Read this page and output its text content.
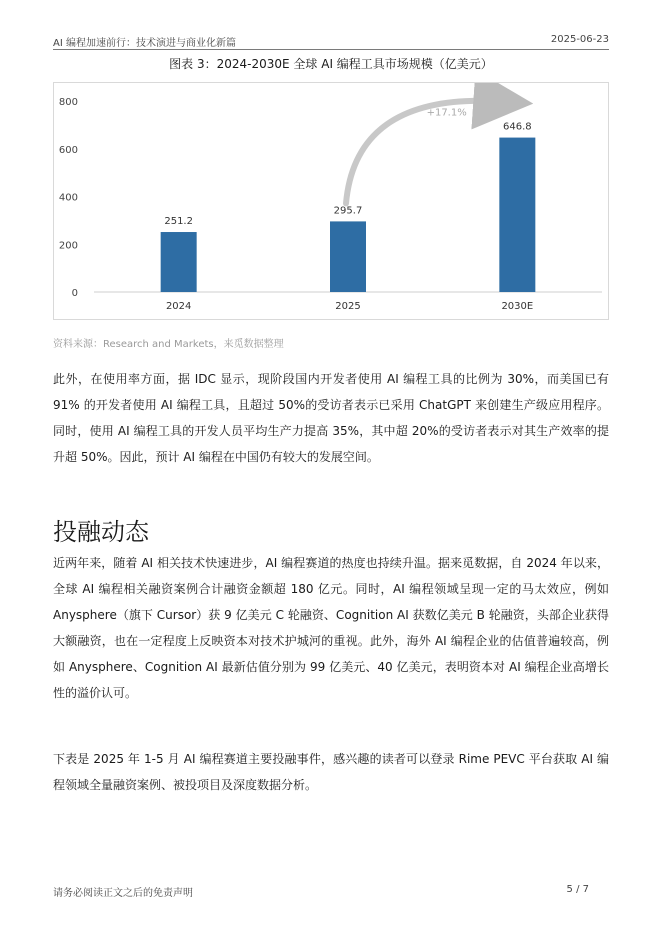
AI 编程加速前行：技术演进与商业化新篇	2025-06-23
图表 3：2024-2030E 全球 AI 编程工具市场规模（亿美元）
0
200
400
600
800
251.2
295.7
646.8
2024	2025	2030E
+17.1%
资料来源：Research and Markets，来觅数据整理
此外，在使用率方面，据 IDC 显示，现阶段国内开发者使用 AI 编程工具的比例为 30%，而美国已有 91% 的开发者使用 AI 编程工具，且超过 50%的受访者表示已采用 ChatGPT 来创建生产级应用程序。同时，使用 AI 编程工具的开发人员平均生产力提高 35%，其中超 20%的受访者表示对其生产效率的提升超 50%。因此，预计 AI 编程在中国仍有较大的发展空间。
投融动态
近两年来，随着 AI 相关技术快速进步，AI 编程赛道的热度也持续升温。据来觅数据，自 2024 年以来，全球 AI 编程相关融资案例合计融资金额超 180 亿元。同时，AI 编程领域呈现一定的马太效应，例如 Anysphere（旗下 Cursor）获 9 亿美元 C 轮融资、Cognition AI 获数亿美元 B 轮融资，头部企业获得大额融资，也在一定程度上反映资本对技术护城河的重视。此外，海外 AI 编程企业的估值普遍较高，例如 Anysphere、Cognition AI 最新估值分别为 99 亿美元、40 亿美元，表明资本对 AI 编程企业高增长性的溢价认可。
下表是 2025 年 1-5 月 AI 编程赛道主要投融事件，感兴趣的读者可以登录 Rime PEVC 平台获取 AI 编程领域全量融资案例、被投项目及深度数据分析。
请务必阅读正文之后的免责声明	5 / 7
